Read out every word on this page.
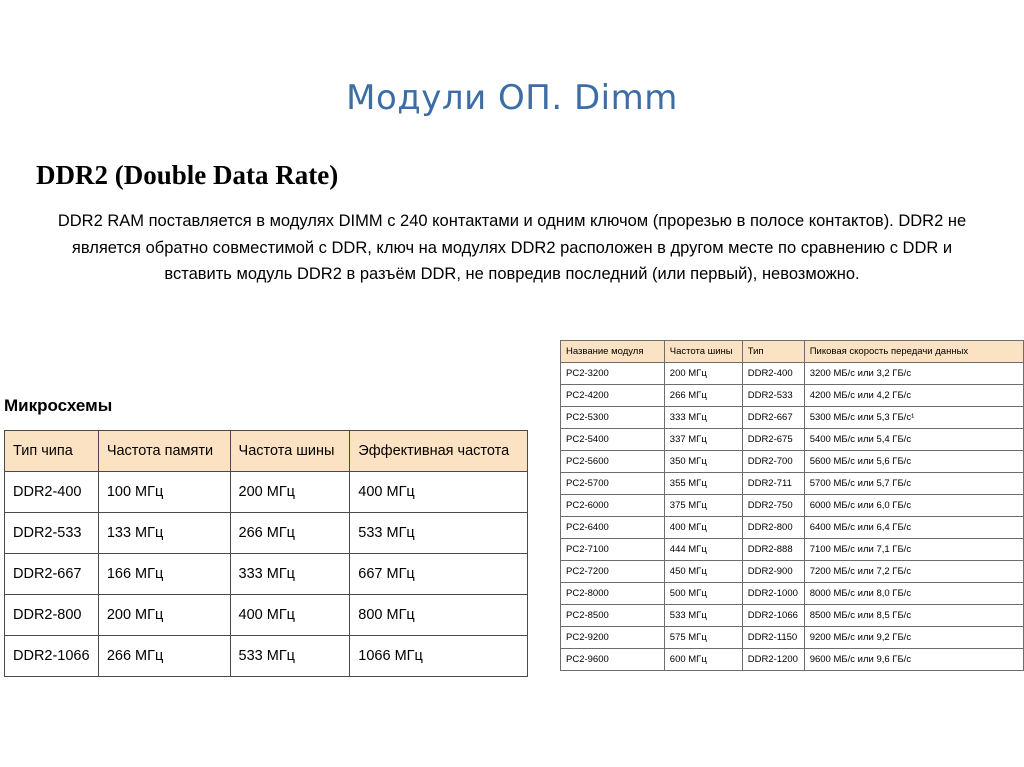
Модули ОП. Dimm
DDR2 (Double Data Rate)
DDR2 RAM поставляется в модулях DIMM с 240 контактами и одним ключом (прорезью в полосе контактов). DDR2 не является обратно совместимой с DDR, ключ на модулях DDR2 расположен в другом месте по сравнению с DDR и вставить модуль DDR2 в разъём DDR, не повредив последний (или первый), невозможно.
Микросхемы
Тип чипа	Частота памяти	Частота шины	Эффективная частота
DDR2-400	100 МГц	200 МГц	400 МГц
DDR2-533	133 МГц	266 МГц	533 МГц
DDR2-667	166 МГц	333 МГц	667 МГц
DDR2-800	200 МГц	400 МГц	800 МГц
DDR2-1066	266 МГц	533 МГц	1066 МГц
Название модуля	Частота шины	Тип	Пиковая скорость передачи данных
PC2-3200	200 МГц	DDR2-400	3200 МБ/с или 3,2 ГБ/с
PC2-4200	266 МГц	DDR2-533	4200 МБ/с или 4,2 ГБ/с
PC2-5300	333 МГц	DDR2-667	5300 МБ/с или 5,3 ГБ/с¹
PC2-5400	337 МГц	DDR2-675	5400 МБ/с или 5,4 ГБ/с
PC2-5600	350 МГц	DDR2-700	5600 МБ/с или 5,6 ГБ/с
PC2-5700	355 МГц	DDR2-711	5700 МБ/с или 5,7 ГБ/с
PC2-6000	375 МГц	DDR2-750	6000 МБ/с или 6,0 ГБ/с
PC2-6400	400 МГц	DDR2-800	6400 МБ/с или 6,4 ГБ/с
PC2-7100	444 МГц	DDR2-888	7100 МБ/с или 7,1 ГБ/с
PC2-7200	450 МГц	DDR2-900	7200 МБ/с или 7,2 ГБ/с
PC2-8000	500 МГц	DDR2-1000	8000 МБ/с или 8,0 ГБ/с
PC2-8500	533 МГц	DDR2-1066	8500 МБ/с или 8,5 ГБ/с
PC2-9200	575 МГц	DDR2-1150	9200 МБ/с или 9,2 ГБ/с
PC2-9600	600 МГц	DDR2-1200	9600 МБ/с или 9,6 ГБ/с
